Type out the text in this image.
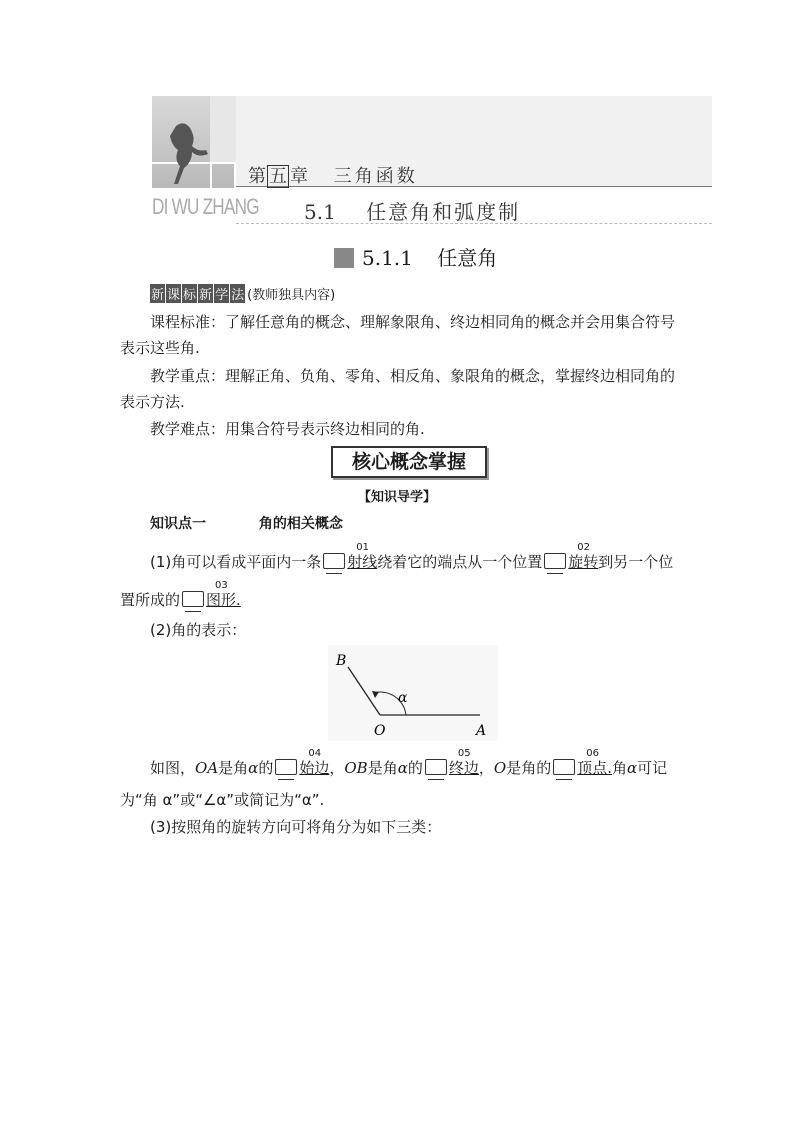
第 五 章 三角函数
DI WU ZHANG 5.1 任意角和弧度制
5.1.1 任意角
新 课 标 新 学 法 (教师独具内容)
课程标准：了解任意角的概念、理解象限角、终边相同角的概念并会用集合符号表示这些角.
教学重点：理解正角、负角、零角、相反角、象限角的概念，掌握终边相同角的表示方法.
教学难点：用集合符号表示终边相同的角.
核心概念掌握
【知识导学】
知识点一	角的相关概念
(1)角可以看成平面内一条
01
射线绕着它的端点从一个位置
02
旋转到另一个位置所成的
03
图形.
(2)角的表示：
B
α
O	A
如图，OA是角α的
04
始边，OB是角α的
05
终边，O是角的
06
顶点.角α可记为“角 α”或“∠α”或简记为“α”.
(3)按照角的旋转方向可将角分为如下三类：
